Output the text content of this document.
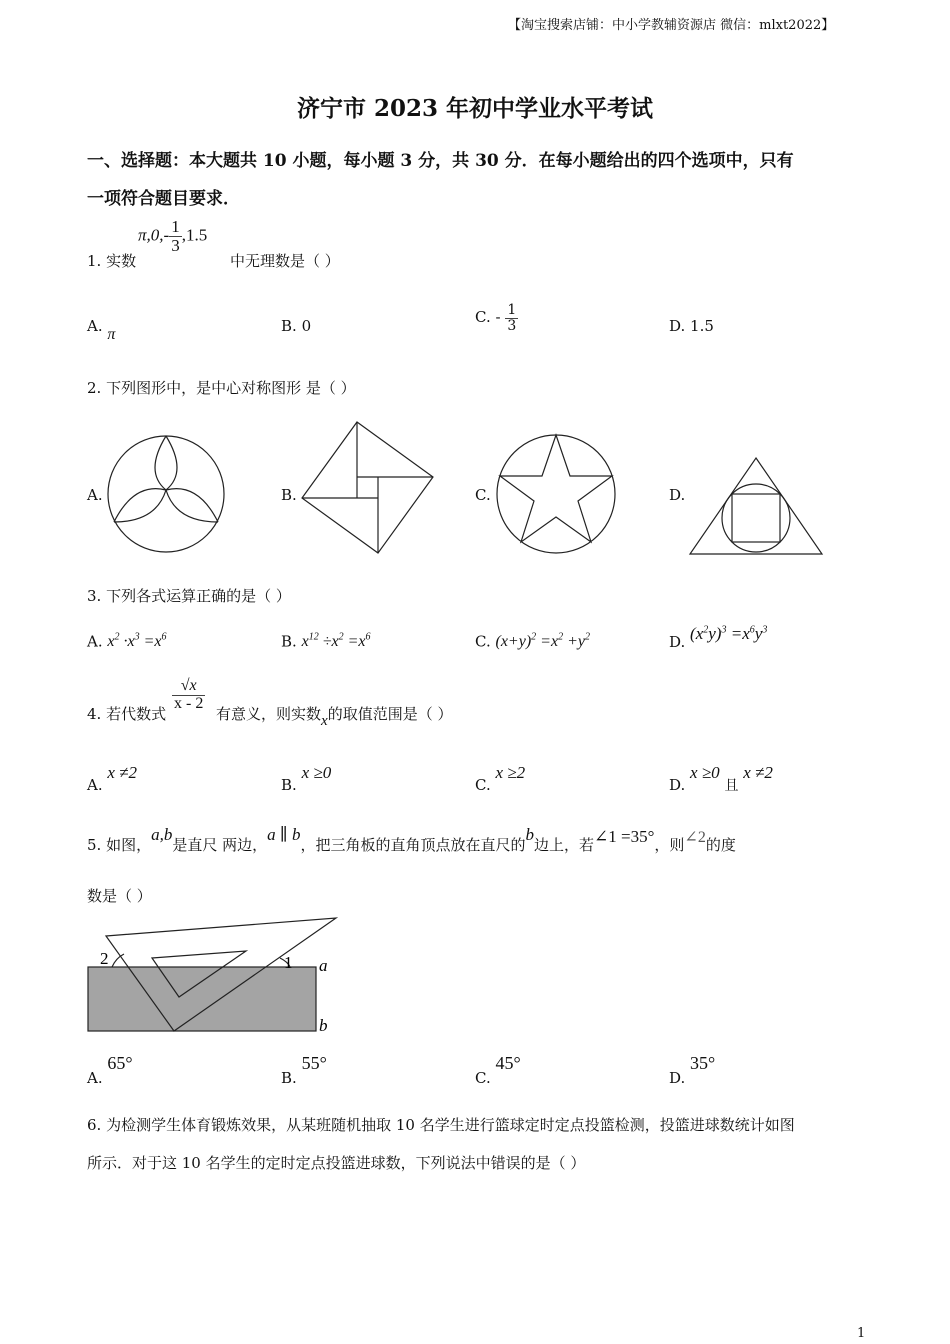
【淘宝搜索店铺：中小学教辅资源店 微信：mlxt2022】
济宁市 2023 年初中学业水平考试
一、选择题：本大题共 10 小题，每小题 3 分，共 30 分．在每小题给出的四个选项中，只有
一项符合题目要求．
1. 实数
$\pi,0,- \frac{1}{3} ,1.5$
中无理数是（ ）
A. π	B. 0	C. - $\frac{1}{3}$	D. 1.5
2. 下列图形中，是中心对称图形 是（ ）
A.	B.	C.	D.
3. 下列各式运算正确的是（ ）
A. $x^2 \cdot x^3 =x^6$	B. $x^{12} \div x^2 =x^6$	C. $(x+y)^2 =x^2 +y^2$	D. $(x^2y)^3 =x^6y^3$
4. 若代数式
$\frac{√x}{x - 2}$
有意义，则实数x的取值范围是（ ）
A. x ≠2
B. x ≥0
C. x ≥2
D. x ≥0 且 x ≠2
5. 如图，a,b是直尺 两边，a ∥ b，把三角板的直角顶点放在直尺的b边上，若∠1 =35°，则∠2的度
数是（ ）
2	1 a
b
A. 65°
B. 55°
C. 45°
D. 35°
6. 为检测学生体育锻炼效果，从某班随机抽取 10 名学生进行篮球定时定点投篮检测，投篮进球数统计如图
所示．对于这 10 名学生的定时定点投篮进球数，下列说法中错误的是（ ）
1
